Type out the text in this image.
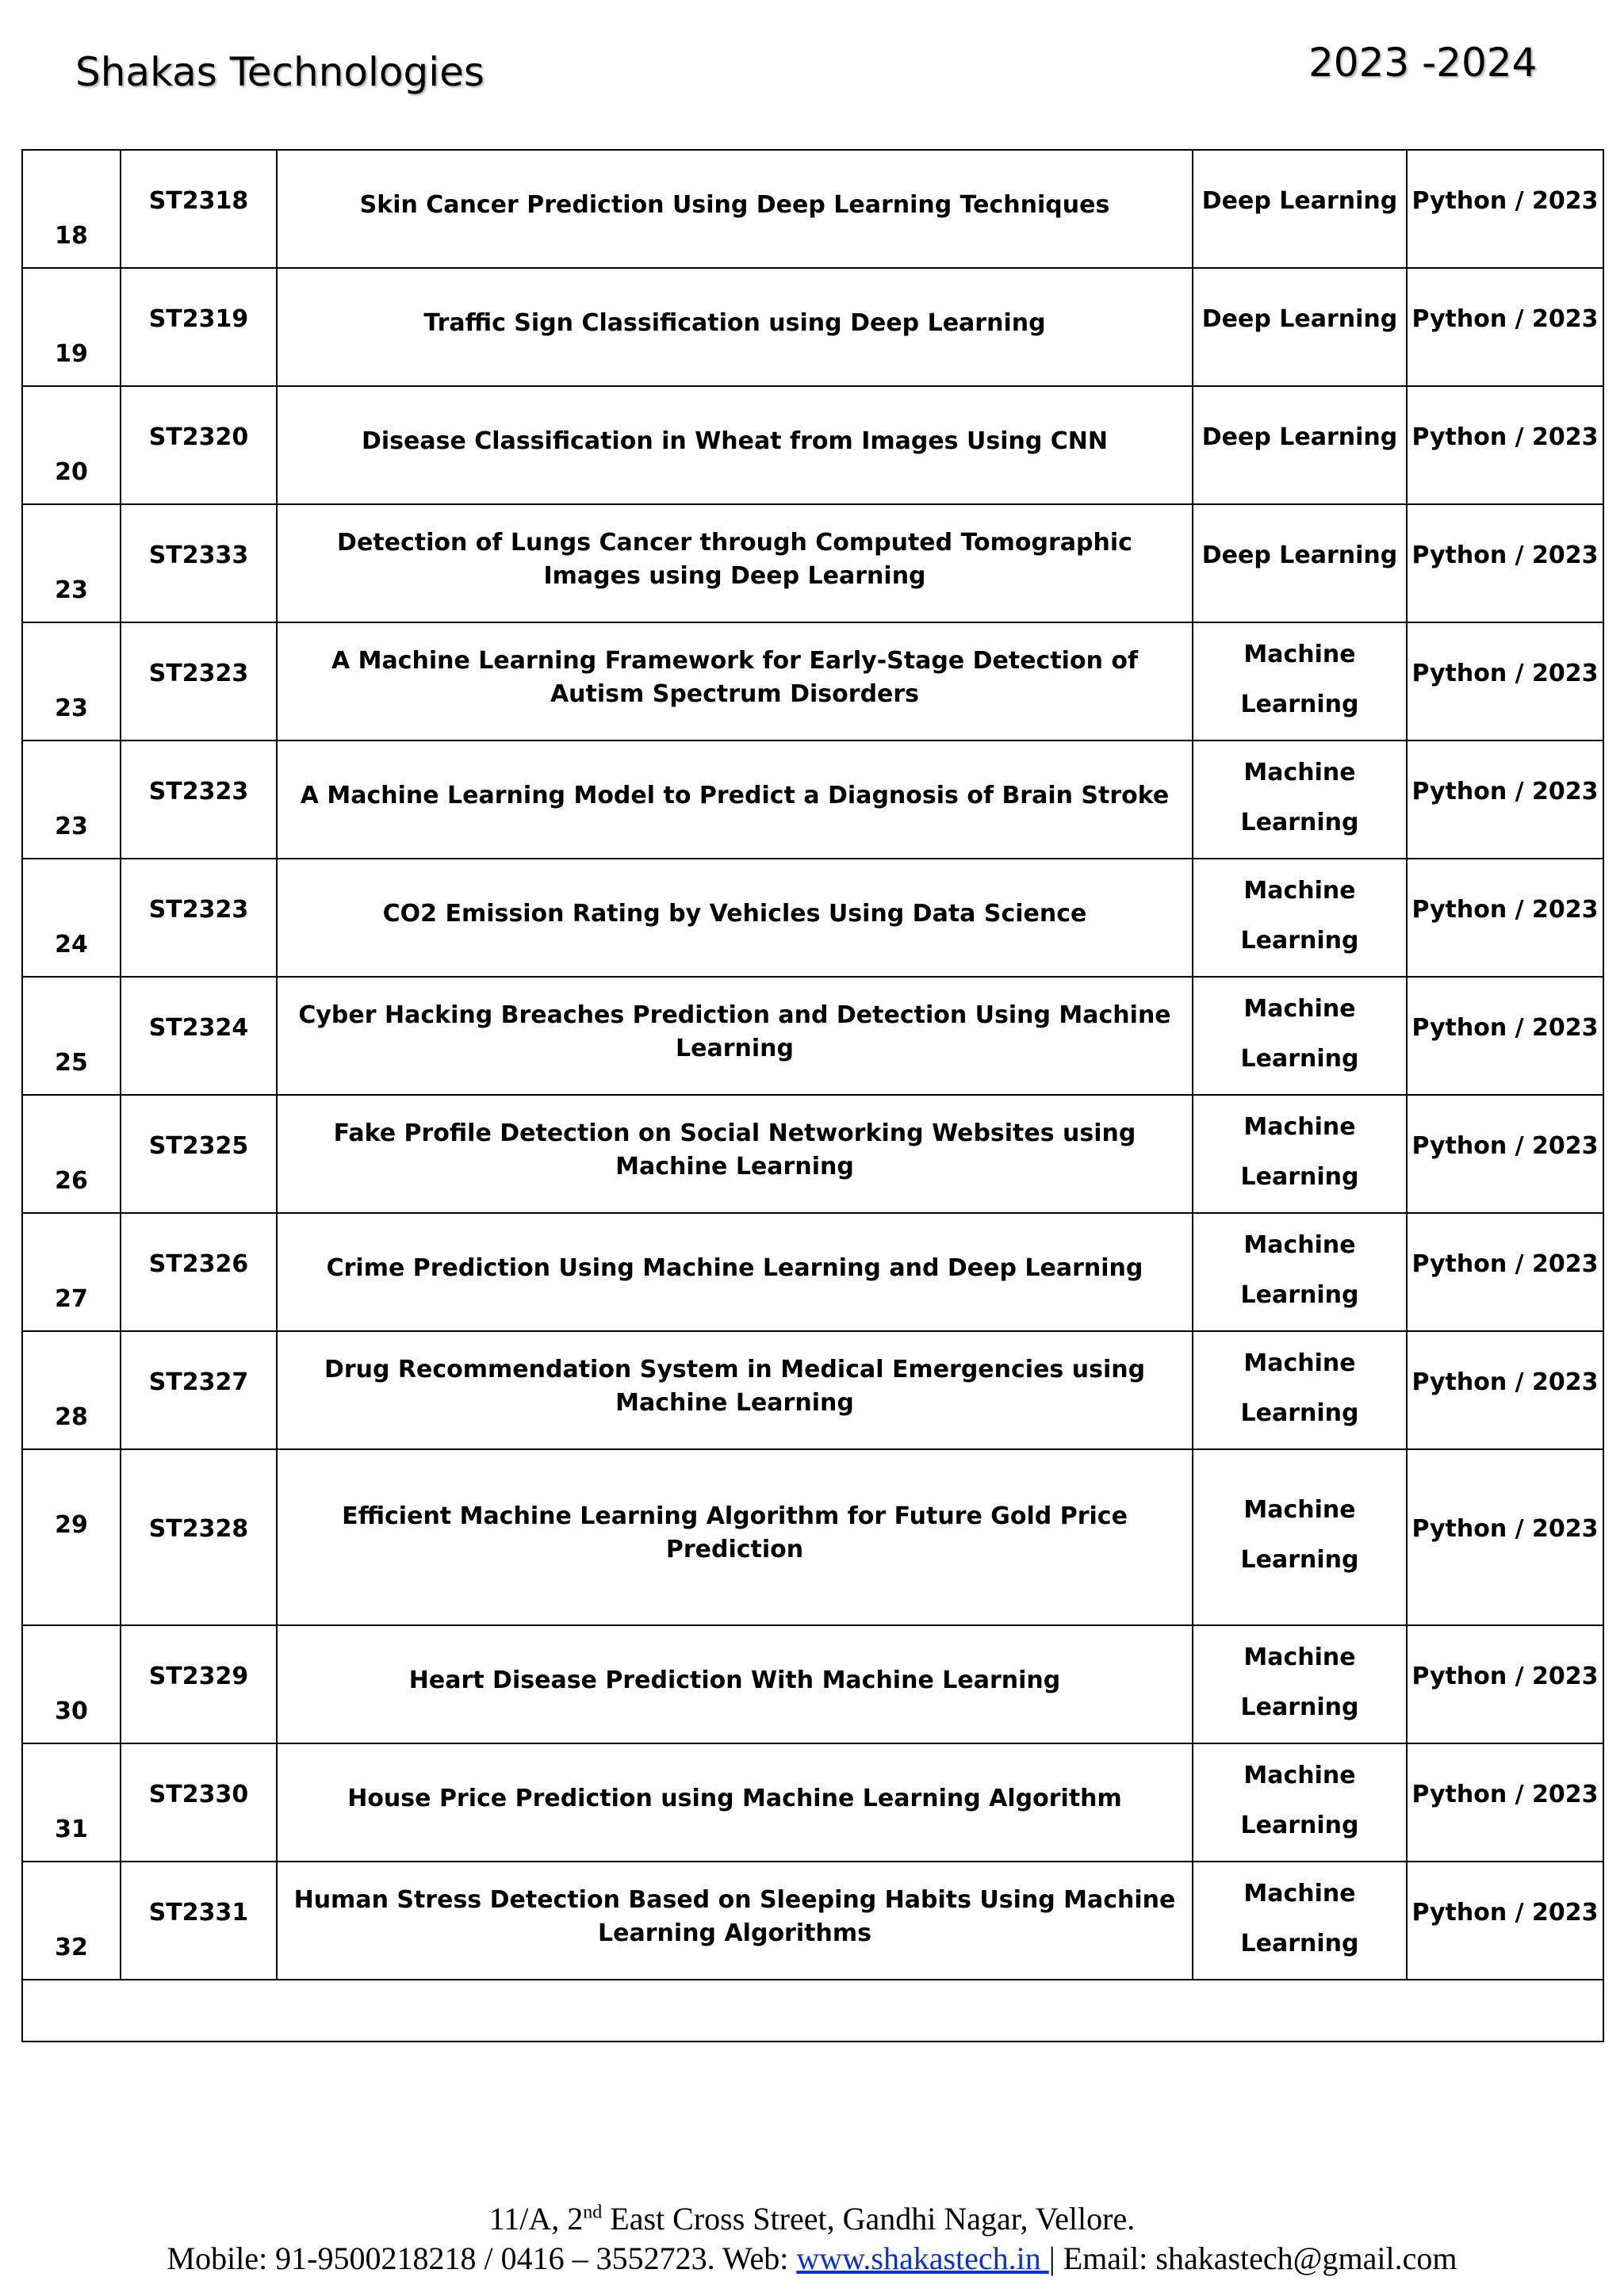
Shakas Technologies	2023 -2024
18	ST2318	Skin Cancer Prediction Using Deep Learning Techniques	Deep Learning	Python / 2023
19	ST2319	Traffic Sign Classification using Deep Learning	Deep Learning	Python / 2023
20	ST2320	Disease Classification in Wheat from Images Using CNN	Deep Learning	Python / 2023
23	ST2333	Detection of Lungs Cancer through Computed Tomographic Images using Deep Learning	Deep Learning	Python / 2023
23	ST2323	A Machine Learning Framework for Early-Stage Detection of Autism Spectrum Disorders	Machine Learning	Python / 2023
23	ST2323	A Machine Learning Model to Predict a Diagnosis of Brain Stroke	Machine Learning	Python / 2023
24	ST2323	CO2 Emission Rating by Vehicles Using Data Science	Machine Learning	Python / 2023
25	ST2324	Cyber Hacking Breaches Prediction and Detection Using Machine Learning	Machine Learning	Python / 2023
26	ST2325	Fake Profile Detection on Social Networking Websites using Machine Learning	Machine Learning	Python / 2023
27	ST2326	Crime Prediction Using Machine Learning and Deep Learning	Machine Learning	Python / 2023
28	ST2327	Drug Recommendation System in Medical Emergencies using Machine Learning	Machine Learning	Python / 2023
29	ST2328	Efficient Machine Learning Algorithm for Future Gold Price Prediction	Machine Learning	Python / 2023
30	ST2329	Heart Disease Prediction With Machine Learning	Machine Learning	Python / 2023
31	ST2330	House Price Prediction using Machine Learning Algorithm	Machine Learning	Python / 2023
32	ST2331	Human Stress Detection Based on Sleeping Habits Using Machine Learning Algorithms	Machine Learning	Python / 2023

11/A, 2nd East Cross Street, Gandhi Nagar, Vellore.
Mobile: 91-9500218218 / 0416 – 3552723. Web: www.shakastech.in | Email: shakastech@gmail.com
